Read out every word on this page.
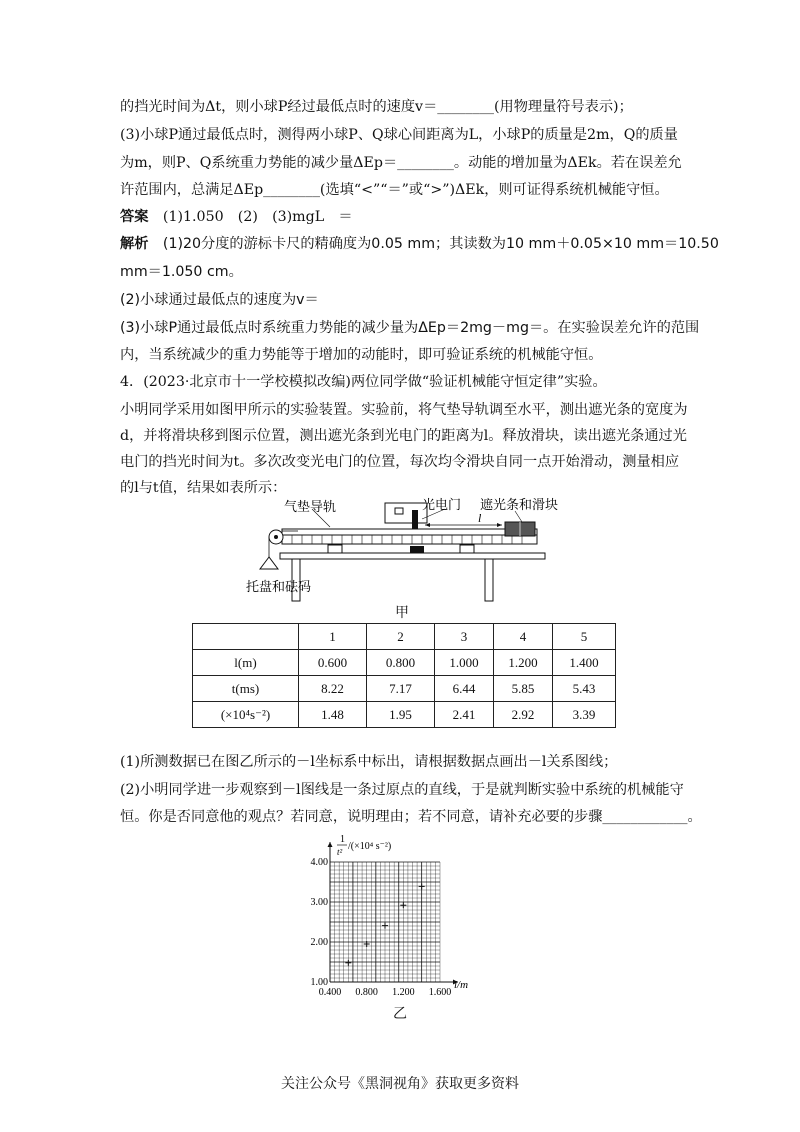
的挡光时间为Δt，则小球P经过最低点时的速度v＝________(用物理量符号表示)；
(3)小球P通过最低点时，测得两小球P、Q球心间距离为L，小球P的质量是2m，Q的质量
为m，则P、Q系统重力势能的减少量ΔEp＝________。动能的增加量为ΔEk。若在误差允
许范围内，总满足ΔEp________(选填“<”“＝”或“>”)ΔEk，则可证得系统机械能守恒。
答案 (1)1.050　(2)　(3)mgL　＝
解析 (1)20分度的游标卡尺的精确度为0.05 mm；其读数为10 mm＋0.05×10 mm＝10.50
mm＝1.050 cm。
(2)小球通过最低点的速度为v＝
(3)小球P通过最低点时系统重力势能的减少量为ΔEp＝2mg－mg＝。在实验误差允许的范围
内，当系统减少的重力势能等于增加的动能时，即可验证系统的机械能守恒。
4．(2023·北京市十一学校模拟改编)两位同学做“验证机械能守恒定律”实验。
小明同学采用如图甲所示的实验装置。实验前，将气垫导轨调至水平，测出遮光条的宽度为
d，并将滑块移到图示位置，测出遮光条到光电门的距离为l。释放滑块，读出遮光条通过光
电门的挡光时间为t。多次改变光电门的位置，每次均令滑块自同一点开始滑动，测量相应
的l与t值，结果如表所示：
气垫导轨	光电门 遮光条和滑块
l
托盘和砝码
甲
	1	2	3	4	5
l(m)	0.600	0.800	1.000	1.200	1.400
t(ms)	8.22	7.17	6.44	5.85	5.43
(×10⁴s⁻²)	1.48	1.95	2.41	2.92	3.39
(1)所测数据已在图乙所示的－l坐标系中标出，请根据数据点画出－l关系图线；
(2)小明同学进一步观察到－l图线是一条过原点的直线，于是就判断实验中系统的机械能守
恒。你是否同意他的观点？若同意，说明理由；若不同意，请补充必要的步骤____________。
0.400 0.800 1.200 1.600
1.00
2.00
3.00
4.00
1
t² /(×10⁴ s⁻²)
l/m
乙
关注公众号《黑洞视角》获取更多资料
